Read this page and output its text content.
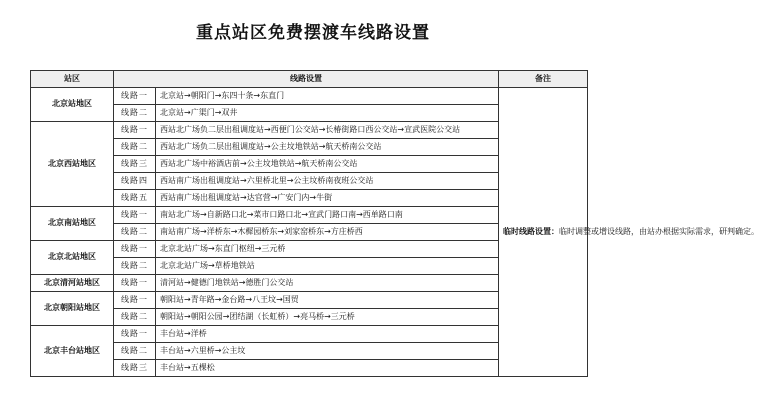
重点站区免费摆渡车线路设置
站区	线路设置		备注
北京站地区	线路一	北京站→朝阳门→东四十条→东直门	临时线路设置：临时调整或增设线路，由站办根据实际需求，研判确定。
	线路二	北京站→广渠门→双井	
北京西站地区	线路一	西站北广场负二层出租调度站→西便门公交站→长椿街路口西公交站→宣武医院公交站	
	线路二	西站北广场负二层出租调度站→公主坟地铁站→航天桥南公交站	
	线路三	西站北广场中裕酒店前→公主坟地铁站→航天桥南公交站	
	线路四	西站南广场出租调度站→六里桥北里→公主坟桥南夜班公交站	
	线路五	西站南广场出租调度站→达官营→广安门内→牛街	
北京南站地区	线路一	南站北广场→自新路口北→菜市口路口北→宣武门路口南→西单路口南	
	线路二	南站南广场→洋桥东→木樨园桥东→刘家窑桥东→方庄桥西	
北京北站地区	线路一	北京北站广场→东直门枢纽→三元桥	
	线路二	北京北站广场→草桥地铁站	
北京清河站地区	线路一	清河站→健德门地铁站→德胜门公交站	
北京朝阳站地区	线路一	朝阳站→青年路→金台路→八王坟→国贸	
	线路二	朝阳站→朝阳公园→团结湖（长虹桥）→亮马桥→三元桥	
北京丰台站地区	线路一	丰台站→洋桥	
	线路二	丰台站→六里桥→公主坟	
	线路三	丰台站→五棵松	
